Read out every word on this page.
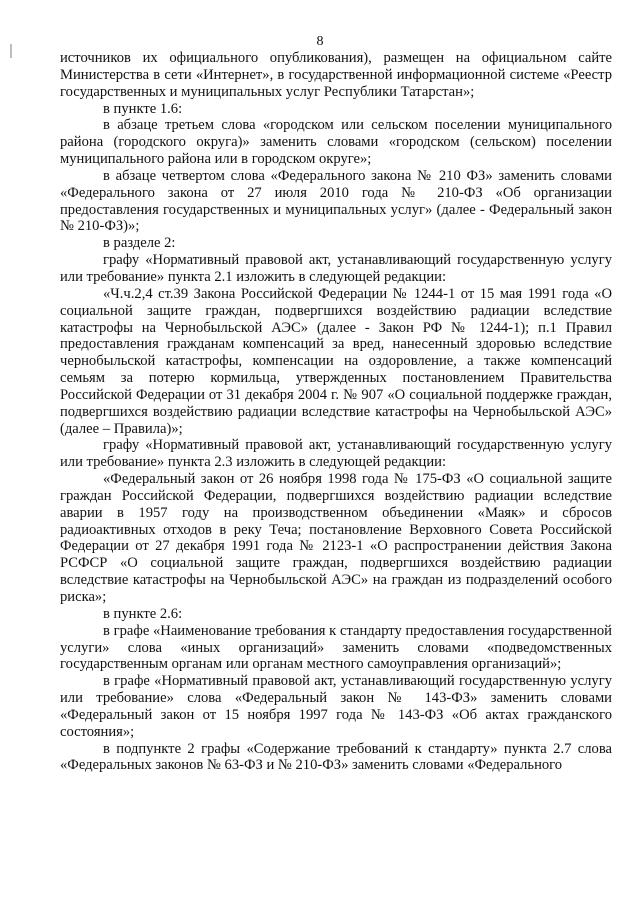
8

источников их официального опубликования), размещен на официальном сайте Министерства в сети «Интернет», в государственной информационной системе «Реестр государственных и муниципальных услуг Республики Татарстан»;

в пункте 1.6:

в абзаце третьем слова «городском или сельском поселении муниципального района (городского округа)» заменить словами «городском (сельском) поселении муниципального района или в городском округе»;

в абзаце четвертом слова «Федерального закона № 210 ФЗ» заменить словами «Федерального закона от 27 июля 2010 года № 210-ФЗ «Об организации предоставления государственных и муниципальных услуг» (далее - Федеральный закон № 210-ФЗ)»;

в разделе 2:

графу «Нормативный правовой акт, устанавливающий государственную услугу или требование» пункта 2.1 изложить в следующей редакции:

«Ч.ч.2,4 ст.39 Закона Российской Федерации № 1244-1 от 15 мая 1991 года «О социальной защите граждан, подвергшихся воздействию радиации вследствие катастрофы на Чернобыльской АЭС» (далее - Закон РФ № 1244-1); п.1 Правил предоставления гражданам компенсаций за вред, нанесенный здоровью вследствие чернобыльской катастрофы, компенсации на оздоровление, а также компенсаций семьям за потерю кормильца, утвержденных постановлением Правительства Российской Федерации от 31 декабря 2004 г. № 907 «О социальной поддержке граждан, подвергшихся воздействию радиации вследствие катастрофы на Чернобыльской АЭС» (далее – Правила)»;

графу «Нормативный правовой акт, устанавливающий государственную услугу или требование» пункта 2.3 изложить в следующей редакции:

«Федеральный закон от 26 ноября 1998 года № 175-ФЗ «О социальной защите граждан Российской Федерации, подвергшихся воздействию радиации вследствие аварии в 1957 году на производственном объединении «Маяк» и сбросов радиоактивных отходов в реку Теча; постановление Верховного Совета Российской Федерации от 27 декабря 1991 года № 2123-1 «О распространении действия Закона РСФСР «О социальной защите граждан, подвергшихся воздействию радиации вследствие катастрофы на Чернобыльской АЭС» на граждан из подразделений особого риска»;

в пункте 2.6:

в графе «Наименование требования к стандарту предоставления государственной услуги» слова «иных организаций» заменить словами «подведомственных государственным органам или органам местного самоуправления организаций»;

в графе «Нормативный правовой акт, устанавливающий государственную услугу или требование» слова «Федеральный закон № 143-ФЗ» заменить словами «Федеральный закон от 15 ноября 1997 года № 143-ФЗ «Об актах гражданского состояния»;

в подпункте 2 графы «Содержание требований к стандарту» пункта 2.7 слова «Федеральных законов № 63-ФЗ и № 210-ФЗ» заменить словами «Федерального
